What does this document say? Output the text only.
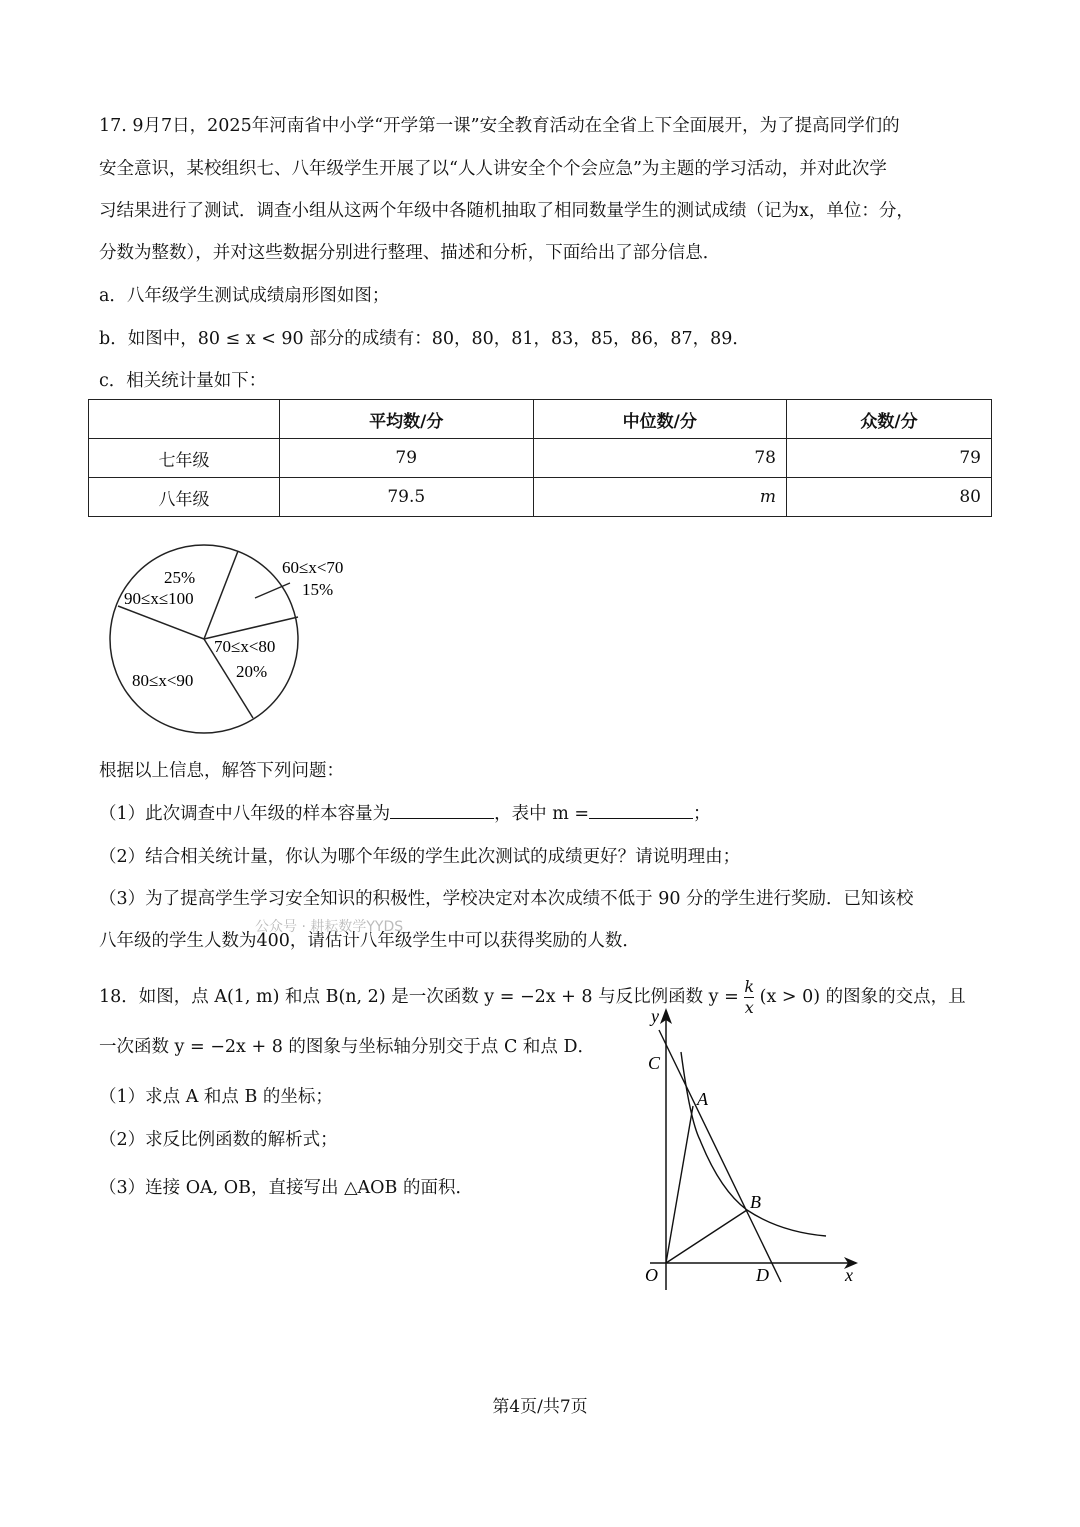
17. 9月7日，2025年河南省中小学“开学第一课”安全教育活动在全省上下全面展开，为了提高同学们的
安全意识，某校组织七、八年级学生开展了以“人人讲安全个个会应急”为主题的学习活动，并对此次学
习结果进行了测试．调查小组从这两个年级中各随机抽取了相同数量学生的测试成绩（记为x，单位：分，
分数为整数），并对这些数据分别进行整理、描述和分析，下面给出了部分信息．
a．八年级学生测试成绩扇形图如图；
b．如图中，80 ≤ x < 90 部分的成绩有：80，80，81，83，85，86，87，89．
c．相关统计量如下：
	平均数/分	中位数/分	众数/分
七年级	79	78	79
八年级	79.5	m	80
60≤x<70
15%
70≤x<80
20%
80≤x<90
25%
90≤x≤100
根据以上信息，解答下列问题：
（1）此次调查中八年级的样本容量为	，表中 m =	；
（2）结合相关统计量，你认为哪个年级的学生此次测试的成绩更好？请说明理由；
（3）为了提高学生学习安全知识的积极性，学校决定对本次成绩不低于 90 分的学生进行奖励．已知该校
八年级的学生人数为400，请估计八年级学生中可以获得奖励的人数．
公众号 · 耕耘数学YYDS
18．如图，点 A(1, m) 和点 B(n, 2) 是一次函数 y = −2x + 8 与反比例函数 $y = \frac{k}{x} (x > 0)$ 的图象的交点，且
一次函数 y = −2x + 8 的图象与坐标轴分别交于点 C 和点 D．
（1）求点 A 和点 B 的坐标；
（2）求反比例函数的解析式；
（3）连接 OA, OB，直接写出 △AOB 的面积．
y
x
O
C
A
B
D
第4页/共7页
